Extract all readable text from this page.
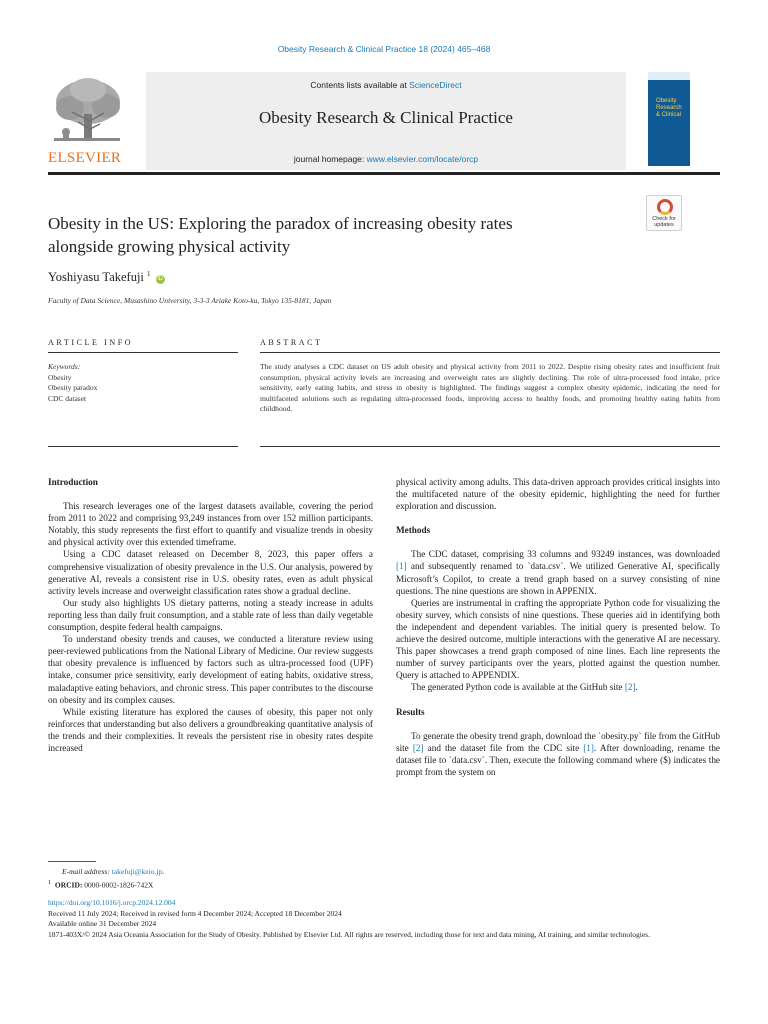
Obesity Research & Clinical Practice 18 (2024) 465–468
ELSEVIER
Contents lists available at ScienceDirect
Obesity Research & Clinical Practice
journal homepage: www.elsevier.com/locate/orcp
Obesity
Research
& Clinical
Obesity in the US: Exploring the paradox of increasing obesity rates
alongside growing physical activity
Check for updates
Yoshiyasu Takefuji $^1$ iD
Faculty of Data Science, Musashino University, 3-3-3 Ariake Koto-ku, Tokyo 135-8181, Japan
ARTICLE INFO	ABSTRACT
Keywords:
Obesity
Obesity paradox
CDC dataset
The study analyses a CDC dataset on US adult obesity and physical activity from 2011 to 2022. Despite rising obesity rates and insufficient fruit consumption, physical activity levels are increasing and overweight rates are slightly declining. The role of ultra-processed food intake, price sensitivity, early eating habits, and stress in obesity is highlighted. The findings suggest a complex obesity epidemic, indicating the need for multifaceted solutions such as regulating ultra-processed foods, improving access to healthy foods, and promoting healthy eating habits from childhood.
Introduction

This research leverages one of the largest datasets available, covering the period from 2011 to 2022 and comprising 93,249 instances from over 152 million participants. Notably, this study represents the first effort to quantify and visualize trends in obesity and physical activity over this extended timeframe.

Using a CDC dataset released on December 8, 2023, this paper offers a comprehensive visualization of obesity prevalence in the U.S. Our analysis, powered by generative AI, reveals a consistent rise in U.S. obesity rates, even as adult physical activity levels increase and overweight classification rates show a gradual decline.

Our study also highlights US dietary patterns, noting a steady increase in adults reporting less than daily fruit consumption, and a stable rate of less than daily vegetable consumption, despite federal health campaigns.

To understand obesity trends and causes, we conducted a literature review using peer-reviewed publications from the National Library of Medicine. Our review suggests that obesity prevalence is influenced by factors such as ultra-processed food (UPF) intake, consumer price sensitivity, early development of eating habits, oxidative stress, maladaptive eating behaviors, and chronic stress. This paper contributes to the discourse on obesity and its complex causes.

While existing literature has explored the causes of obesity, this paper not only reinforces that understanding but also delivers a groundbreaking quantitative analysis of the trends and their complexities. It reveals the persistent rise in obesity rates despite increased

physical activity among adults. This data-driven approach provides critical insights into the multifaceted nature of the obesity epidemic, highlighting the need for further exploration and discussion.

Methods

The CDC dataset, comprising 33 columns and 93249 instances, was downloaded [1] and subsequently renamed to `data.csv`. We utilized Generative AI, specifically Microsoft’s Copilot, to create a trend graph based on a survey consisting of nine questions. The nine questions are shown in APPENIX.

Queries are instrumental in crafting the appropriate Python code for visualizing the obesity survey, which consists of nine questions. These queries aid in identifying both the independent and dependent variables. The initial query is presented below. To achieve the desired outcome, multiple interactions with the generative AI are necessary. This paper showcases a trend graph composed of nine lines. Each line represents the number of survey participants over the years, plotted against the question number. Query is attached to APPENDIX.

The generated Python code is available at the GitHub site [2].

Results

To generate the obesity trend graph, download the `obesity.py` file from the GitHub site [2] and the dataset file from the CDC site [1]. After downloading, rename the dataset file to `data.csv`. Then, execute the following command where ($) indicates the prompt from the system on

E-mail address: takefuji@keio.jp.
$^1$ ORCID: 0000-0002-1826-742X
https://doi.org/10.1016/j.orcp.2024.12.004
Received 11 July 2024; Received in revised form 4 December 2024; Accepted 18 December 2024
Available online 31 December 2024
1871-403X/© 2024 Asia Oceania Association for the Study of Obesity. Published by Elsevier Ltd. All rights are reserved, including those for text and data mining, AI training, and similar technologies.
